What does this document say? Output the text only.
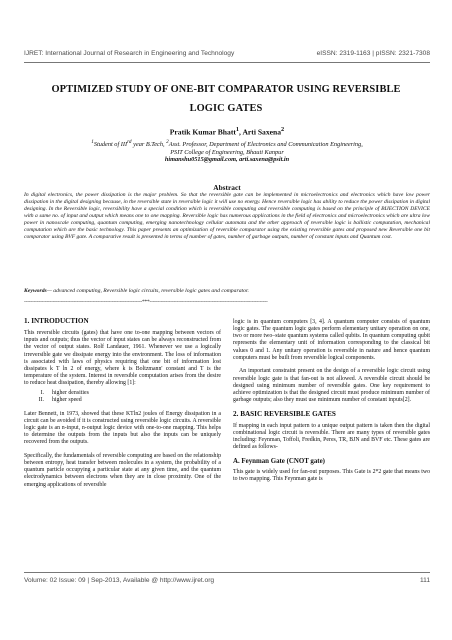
IJRET: International Journal of Research in Engineering and Technology	eISSN: 2319-1163 | pISSN: 2321-7308
OPTIMIZED STUDY OF ONE-BIT COMPARATOR USING REVERSIBLE
LOGIC GATES
Pratik Kumar Bhatt$^1$, Arti Saxena$^2$
$^1$Student of IIIrd year B.Tech, $^2$Asst. Professor, Department of Electronics and Communication Engineering,
PSIT College of Engineering, Bhauti Kanpur
himanshu0515@gmail.com, arti.saxena@psit.in
Abstract
In digital electronics, the power dissipation is the major problem. So that the reversible gate can be implemented in microelectronics and electronics which have low power dissipation in the digital designing because, in the reversible state in reversible logic it will use no energy. Hence reversible logic has ability to reduce the power dissipation in digital designing. In the Reversible logic, reversibility have a special condition which is reversible computing and reversible computing is based on the principle of BIJECTION DEVICE with a same no. of input and output which means one to one mapping. Reversible logic has numerous applications in the field of electronics and microelectronics which are ultra low power in nanoscale computing, quantum computing, emerging nanotechnology cellular automata and the other approach of reversible logic is ballistic computation, mechanical computation which are the basic technology. This paper presents an optimization of reversible comparator using the existing reversible gates and proposed new Reversible one bit comparator using BVF gate. A comparative result is presented in terms of number of gates, number of garbage outputs, number of constant inputs and Quantum cost.
Keywords— advanced computing, Reversible logic circuits, reversible logic gates and comparator.
--------------------------------------------------------------------------***--------------------------------------------------------------------------
1. INTRODUCTION

This reversible circuits (gates) that have one to-one mapping between vectors of inputs and outputs; thus the vector of input states can be always reconstructed from the vector of output states. Rolf Landauer, 1961. Whenever we use a logically irreversible gate we dissipate energy into the environment. The loss of information is associated with laws of physics requiring that one bit of information lost dissipates k T ln 2 of energy, where k is Boltzmann' constant and T is the temperature of the system. Interest in reversible computation arises from the desire to reduce heat dissipation, thereby allowing [1]:

I.	higher densities
II.	higher speed

Later Bennett, in 1973, showed that these KTln2 joules of Energy dissipation in a circuit can be avoided if it is constructed using reversible logic circuits. A reversible logic gate is an n-input, n-output logic device with one-to-one mapping. This helps to determine the outputs from the inputs but also the inputs can be uniquely recovered from the outputs.

Specifically, the fundamentals of reversible computing are based on the relationship between entropy, heat transfer between molecules in a system, the probability of a quantum particle occupying a particular state at any given time, and the quantum electrodynamics between electrons when they are in close proximity. One of the emerging applications of reversible

logic is in quantum computers [3, 4]. A quantum computer consists of quantum logic gates. The quantum logic gates perform elementary unitary operation on one, two or more two–state quantum systems called qubits. In quantum computing qubit represents the elementary unit of information corresponding to the classical bit values 0 and 1. Any unitary operation is reversible in nature and hence quantum computers must be built from reversible logical components.

An important constraint present on the design of a reversible logic circuit using reversible logic gate is that fan-out is not allowed. A reversible circuit should be designed using minimum number of reversible gates. One key requirement to achieve optimization is that the designed circuit must produce minimum number of garbage outputs; also they must use minimum number of constant inputs[2].

2. BASIC REVERSIBLE GATES

If mapping in each input pattern to a unique output pattern is taken then the digital combinational logic circuit is reversible. There are many types of reversible gates including: Feynman, Toffoli, Fredkin, Peres, TR, BJN and BVF etc. These gates are defined as follows-

A. Feynman Gate (CNOT gate)

This gate is widely used for fan-out purposes. This Gate is 2*2 gate that means two to two mapping. This Feynman gate is

Volume: 02 Issue: 09 | Sep-2013, Available @ http://www.ijret.org	111
